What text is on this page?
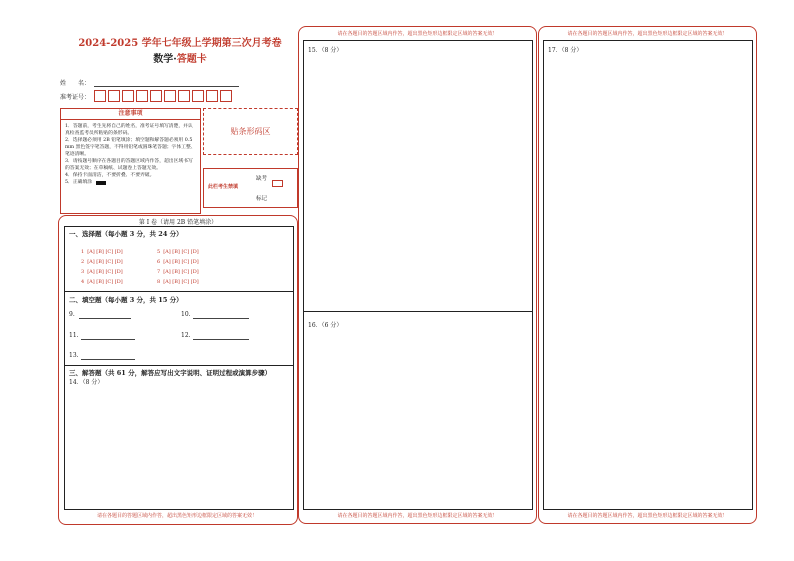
2024-2025 学年七年级上学期第三次月考卷
数学·答题卡
姓　　名：
准考证号：
注意事项
1．答题前，考生先将自己的姓名，准考证号填写清楚，并认真检查监考员所粘贴的条形码。
2．选择题必须用 2B 铅笔填涂；填空题和解答题必须用 0.5 mm 黑色签字笔答题，不得用铅笔或圆珠笔答题；字体工整、笔迹清晰。
3．请按题号顺序在各题目的答题区域内作答，超出区域书写的答案无效；在草稿纸、试题卷上答题无效。
4．保持卡面清洁，不要折叠、不要弄破。
5．正确填涂
贴条形码区
此栏考生禁填
缺考
标记
第 Ⅰ 卷（请用 2B 铅笔填涂）
一、选择题（每小题 3 分，共 24 分）
1 [A] [B] [C] [D]
2 [A] [B] [C] [D]
3 [A] [B] [C] [D]
4 [A] [B] [C] [D]
5 [A] [B] [C] [D]
6 [A] [B] [C] [D]
7 [A] [B] [C] [D]
8 [A] [B] [C] [D]
二、填空题（每小题 3 分，共 15 分）
9.	10.
11.	12.
13.
三、解答题（共 61 分，解答应写出文字说明、证明过程或演算步骤）
14．（8 分）
请在各题目的答题区域内作答，超出黑色矩形边框限定区域的答案无效！
请在各题目的答题区域内作答，超出黑色矩形边框限定区域的答案无效！
请在各题目的答题区域内作答，超出黑色矩形边框限定区域的答案无效！
15．（8 分）
16．（6 分）
请在各题目的答题区域内作答，超出黑色矩形边框限定区域的答案无效！
请在各题目的答题区域内作答，超出黑色矩形边框限定区域的答案无效！
17．（8 分）
